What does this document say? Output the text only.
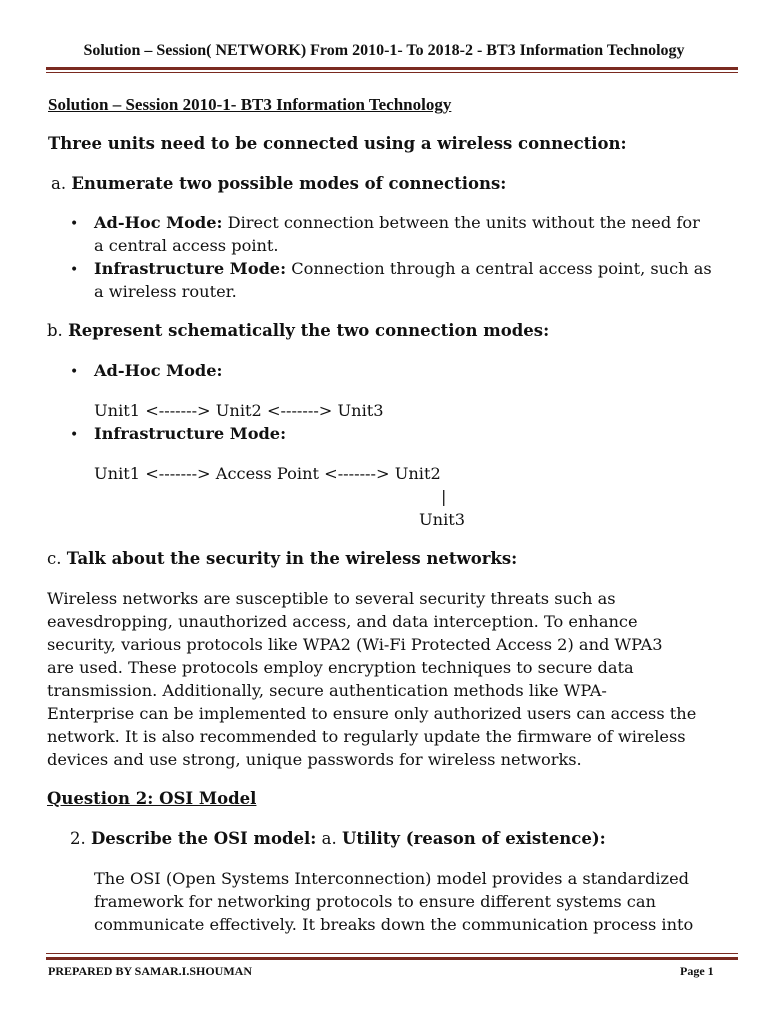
Solution – Session( NETWORK) From 2010-1- To 2018-2 - BT3 Information Technology
Solution – Session 2010-1- BT3 Information Technology
Three units need to be connected using a wireless connection:
a. Enumerate two possible modes of connections:
• Ad-Hoc Mode: Direct connection between the units without the need for
a central access point.
• Infrastructure Mode: Connection through a central access point, such as
a wireless router.
b. Represent schematically the two connection modes:
• Ad-Hoc Mode:
Unit1 <-------> Unit2 <-------> Unit3
• Infrastructure Mode:
Unit1 <-------> Access Point <-------> Unit2
|
Unit3
c. Talk about the security in the wireless networks:
Wireless networks are susceptible to several security threats such as
eavesdropping, unauthorized access, and data interception. To enhance
security, various protocols like WPA2 (Wi-Fi Protected Access 2) and WPA3
are used. These protocols employ encryption techniques to secure data
transmission. Additionally, secure authentication methods like WPA-
Enterprise can be implemented to ensure only authorized users can access the
network. It is also recommended to regularly update the firmware of wireless
devices and use strong, unique passwords for wireless networks.
Question 2: OSI Model
2. Describe the OSI model: a. Utility (reason of existence):
The OSI (Open Systems Interconnection) model provides a standardized
framework for networking protocols to ensure different systems can
communicate effectively. It breaks down the communication process into
PREPARED BY SAMAR.I.SHOUMAN	Page 1
